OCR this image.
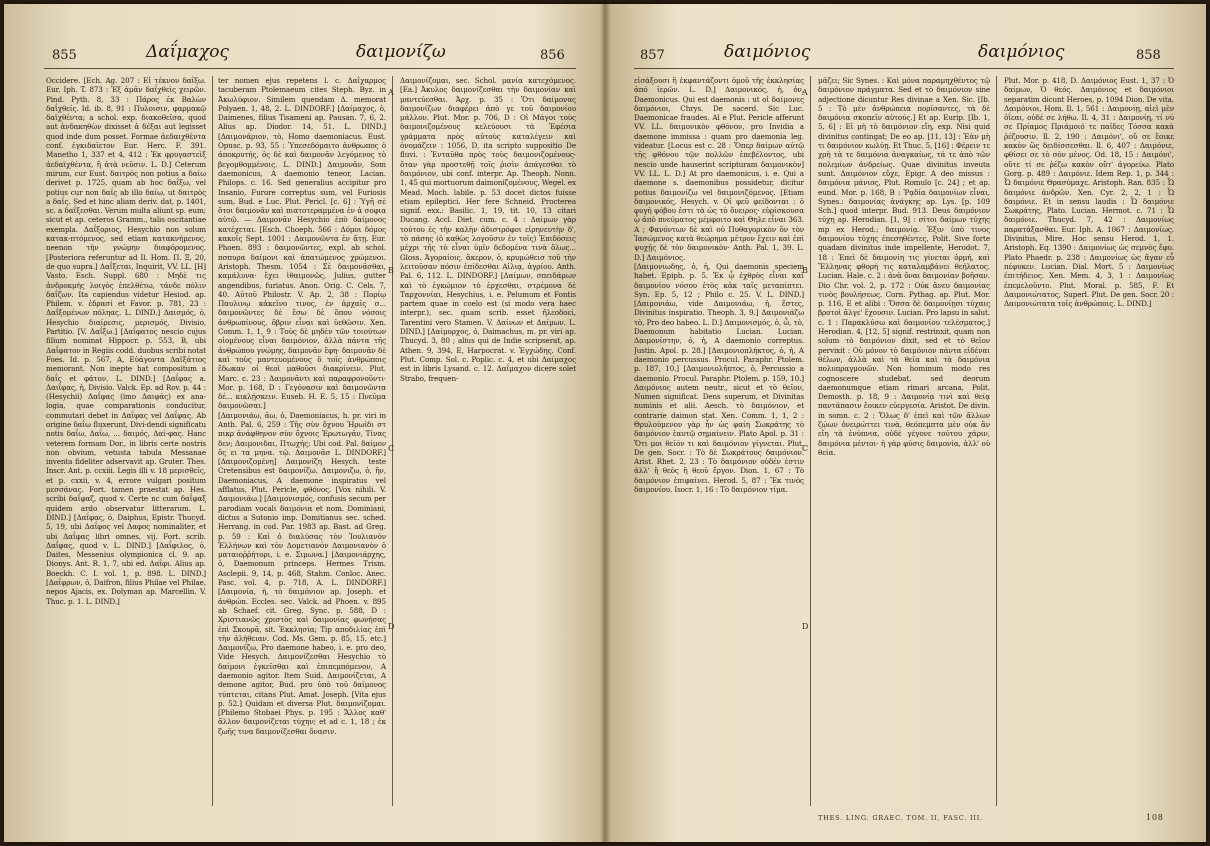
855	Δαΐμαχος	δαιμονίζω	856

Occidere. [Εсh. Ag. 207 : Εἰ τέκνον δαΐξω. Eur. Iph. T. 873 : Ἐξ ἁμᾶν δαΐχθεὶς χειρῶν. Pind. Pyth. 8, 33 : Πάρος ἐκ Βαλὼν δαΐχθείς. Id. ib. 8, 91 : Πυλοισιν, φαρμακῷ δαϊχθέντα; a schol. exp. διακοθεῖσα, quod aut ἀνδακηθὼν dixisset ἀ δέξαι aut legisset quod inde dum posset. Formae ἀεδαιχθέντα conf. ἐγκιδαῖετον Eur. Herc. F. 391. Manetho 1, 337 et 4, 412 : Ἐκ φρυγαστεὶξ ἀεδαϊχθέντα, ἢ ἀτὰ νεῦσιν. L. D.] Ceterum mirum, cur Eust. δαιτρὸς non potius a δαίω derivet p. 1725, quam ab hoc δαΐξω, vel potius cur non δαΐς ab illo δαίω, ut δαιτρὸς a δαΐς. Sed et hinc aliam deriv. dat, p. 1401, sc. a δαΐξεσθαι. Verum multa aliunt sp. eum; sicut et ap. ceteros Gramm., talis oscitantiae exempla. Δαΐξοριος, Hesychio non solum κατακ-πτόμενος, sed etiam κατακνήμενος, neenon τὴν γνώμην διαφόρομενος. [Posteriora referuntur ad Il. Hom. Π. Ξ, 20, de quo supra.] Δαΐξεται, Inquirit, VV. LL. [Η] Vasto. Esch. Suppl. 680 : Μηδὲ τις ἀνδροκμὴς λοιγὸς ἐπελθέτω, τάνδε πόλιν δαΐζων. Ita capiendus videtur Hesiod. ap. Philem. v. ἐδρασί et Favor. p. 781, 23 : Δαΐξομένων πόληας. L. DIND.] Δαισμός, ὁ, Hesychio διαίρεσις, μερισμός, Divisio, Partitio. [V. Δαΐξω.] [Δαΐφατος nescio cujus filium nominat Hippocr. p. 553, B, ubi Δαΐφατον in Regiis codd. duobus scribi notat Foes. Id. p. 567, A, Εὐάγοντα Δαϊξάτιος memorant. Non inepte hat compositum a δαΐς et φάτον. L. DIND.] [Δαΐφας a. Δαιΐφας, ἡ, Divisio. Valck. Ep. ad Rov. p. 44 : (Hesychii) Δαΐφας (imo Δαιφάς) ex ana-logia, quae comparationis conducitur, commutari debet in Δαΐφας vel Δαΐφας. Ab origine δαΐω fluxerunt, Divi-dendi significatu notis δαΐω, Δαΐω, ... δαιμός, Δαί-φας. Hanc veterem formam Dor., in libris certe nostris non obvium, vetusta tabula Messanae inventa fideliter adservavit ap. Gruter. Thes. Inscr. Ant. p. ccxiii. Legis illi v. 18 μερισθεῖς, et p. cxxii, v. 4, errore vulgari positum μεσσάνας. Fort. tamen praestat ap. Hes. scribi δαΐφαζ, quod v. Certe nc cum δαΐφαξ quidem ardo observatur litterarum. L. DIND.] [Δαΐφας, ὁ, Daiphus, Epistr. Thucyd. 5, 19, ubi Δαΐφος vel Δαφος nominaliter, et ubi Δαΐφας libri omnes, vij. Fort. scrib. Δαΐφας, quod v. L. DIND.] [Δαΐφιλος, ὁ, Daites, Messenius olympionica cl. 9. ap. Dionys. Ant. R. 1, 7, ubi ed. Δαΐφι. Alius ap. Boeckh. C. I. vol. 1, p. 898. L. DIND.] [Δαΐφρων, ὁ, Daifron, filius Philae vel Philae, nepos Ajacis, ex. Dolyman ap. Marcellin. V. Thuc. p. 1. L. DIND.]

ter nomen ejus repetens l. c. Δαΐχαρμος tacuberam Ptolemaeum cites Steph. Byz. in Ἀκωλύφιον. Similem quendam Δ. memorat Polyaen. 1, 48, 2. L. DINDORF.] [Δαίμαχος, ὁ, Daimenes, filius Tisameni ap. Pausan. 7, 6, 2. Alius ap. Diodor. 14, 51. L. DIND.] [Δαιμονάριον, τὸ, Homo daemoniacus. Eust. Opusc. p. 93, 55 : Ὑπεσεδόμαιτο ἀνθρωπος ὁ ἀποκρυτής, ὁς δὲ καὶ δαιμονᾶν λεγόμενος τὸ βεγομθομμένοις. L. DIND.] Δαιμονᾶν, Som daemonicus, A daemonio teneor, Lacian. Philops. c. 16. Sed generalius accipitur pro Insanio, Furore correptus sum, vel Furiosis sum, Bud. e Luc. Plut. Pericl. [c. 6] : Ὑγῆ σὲ ὅτοι δαιμονᾶν καὶ πιατοτεραμμένα ἐν ἀ σοφια αὐτῷ. — Δαιμονᾶν Hesychio ἐπὸ δαίμονος κατέχεται. [Esch. Choeph. 566 : Δόμοι δόμος κακοῖς Sept. 1001 : Δαιμονῶντα ἐν ἄτῃ. Eur. Phoen. 893 : δαιμονῶντες, expl. ab schol. πσπυρα δαίμονι καὶ ἀπατώμενος χρώμενοι. Aristoph. Thesm. 1054 : Σὲ δαιμονᾶσθαι, καμάλυνα· ἔχει ἰθαιμονῶς, Julius, gutter angendibus, furiatus. Anon. Orig. C. Cels. 7, 40. Αὐτοῦ Philostr. V. Ap. 2, 38 : Πορίῳ Παυλινῳ κἀκεῖνο τινος, ἐν ἀρχαῖς σ... δαιμονῶντες δὲ ἔσω δὲ ὅπου νόσοις ἀνθρωπίνους, ὄβριν εἶναι καὶ ὑεθῶσιν. Xen. Comm. 1, 1, 9 : Τοὺς δὲ μηδὲν τῶν τοιούτων οἰομένους εἶναι δαιμόνιον, ἀλλὰ πάντα τῆς ἀνθρώπου γνώμης, δαιμονᾶν ἔφη· δαιμονᾶν δὲ καὶ τοὺς μαντευομένους ὅ τοῖς ἀνθρώποις ἔδωκαν οἱ θεοὶ μαθοῦσι διακρίνειν. Plut. Marc. c. 23 : Δαιμονᾶντι καὶ παραφρονοῦντι· Mor. p. 168, D : Γεγόνασιν καὶ δαιμονῶντα δέ... κικλῄσκειν. Euseb. H. E. 5, 15 : Πνεῦμα δαιμονῶσαι.]

[Δαιμονιάω, ᾶω, ὁ, Daemoniacus, h. pr. viri in Anth. Pal. 6, 259 : Τῆς σὺν ὄχνου Ἡρωίδι στ πικρ ἀνάφθηνον σὺν ὄχνοις Ἐρωτωγᾶν, Τίνας δεν; Δαιμονιδαι, Πτωχής; Ubi cod. Pal. δαίμον ὅς ει τα μηνα. τῷ. Δαιμονᾶσ L. DINDORF.] [Δαιμονιζομένη] Δαιμονίζη Hesych. teste Cretensibus est δαιμονίζω. Δαιμονιζω, ὁ, ἥν, Daemoniacus, A daemone inspiratus vel afflatus, Plut. Pericle, φθόνος. [Vox nihili. V. Δαιμονιάω.] [Δαιμονισμός, confusis secum per parodiam vocalι δαιμόνια et nom. Dominiani, dictus a Sutonio imp. Domitianus sec. sched. Herrang. in cod. Par. 1983 ap. Bast. ad Greg. p. 59 : Καὶ ὁ διαλύσας τὸν Ἰουλιανὸν Ἑλλήνων καὶ τὸν Δομετιανόν Δαιμονιανὸν ὁ ματαιοῤῥήτορι, i. e. Σιμωνα.] [Δαιμονιάρχης, ὁ, Daemonum princeps. Hermes Trism. Asclepii. 9, 14, p. 468, Stahm. Conloc. Anec. Pasc. vol. 4, p. 718, A. L. DINDORF.] [Δαιμονία, ἡ, τὸ δαιμόνιον ap. Joseph. et ἀνθρώπ. Eccles. sec. Valck. ad Phoen. v. 895 ab Schaef. cit. Greg. Sync. p. 588, D : Χριστιανῶς χριστὸς καὶ δαιμονίας φωνήσας ἐπὶ Σκουρᾶ, sit. Ἐκκλησία; Tip αποδιλίας ἐπὶ τὴν ἀλήθειαν. Cod. Ms. Gem. p. 85, 15, etc.] Δαιμονίζω, Pro daemone habeo, i. e. pro deo, Vide Hesych. Δαιμονίζεσθαι Hesychio τὸ δαίμονι ἐγκεῖσθαι καὶ ἐπιπεμπόμενον, A daemonio agitor. Item Suid. Δαιμονίζεται, A demone agitor, Bud. pro ὑπὸ τοῦ δαίμονος τύπτεται, citans Plut. Amat. Joseph. [Vita ejus p. 52.] Quidam et diversa Plut. δαιμονίζομαι. [Philemo Stobaei Phys. p. 195 : Ἄλλος καθ' ἄλλον δαιμονίζεται τύχην; et ad c. 1, 18 ; ἐκ ζωῆς τινα δαιμονίζεσθαι ὄνασιν.

Δαιμονίζομαι, sec. Schol. μανία κατεχόμενος. [Ea.] Ἀκυλος δαιμονίζεσθαι τὴν δαιμονίαν καὶ μαντεύεσθαι. Ἀρχ. p. 35 : Ὅτι δαίμονας δαιμονίζων διαφέρει ἀπὸ γε τοῦ δαιμονίου μάλλον. Plut. Mor. p. 706, D : Οἱ Μάγοι τοὺς δαιμονιζομένους κελεύουσι τὰ Ἐφέσια γράμματα πρὸς αὑτοὺς καταλέγειν καὶ ὀνομάζειν : 1056, D, ita scripto suppositio De fluvi. : Ἐνταῦθα πρὸς τοὺς δαιμονιζομένους· ὅταν γὰρ προστεθῇ τοῖς ῥισὶν ἀπάγεσθαι τὸ δαιμόνιον, ubi conf. interpr. Ap. Theoph. Nonn. 1, 45 qui mortuorum daimoniζομένους, Wegel. ex Mead. Moch. labile. p. 53 docet dictos fuisse etiam epileptici. Her fere Schneid. Procterea signif. exx.: Basilic. 1, 19, tit. 10, 13 citari Ducang. Accl. Diet. cum. c. 4 : Δαίμων γὰρ τούτου ἐς τὴν καλὴν ἀδιστρόφοι εἰρηνευτὴν δ', τὸ πάσης (ὁ καθὼς λογοῦσιν ἐν τοῖς) Ἐπιδόσεις μέχρι τῆς τὸ εἶναι ὑμῖν δεδομένα τινὰ ὅλως... Gloss. Ἀγοραίοις. ἄκερον, ὁ, κρυμώθεισ τοῦ τὴν λειτοῦσαν πόσιν ἐπίδεσθαι Αἰλιᾳ, ἀγρίου. Anth. Pal. 6, 112. L. DINDORF.] [Δαίμων, σπειδάμων καὶ τὸ ἐγκώμιον τὸ ἐρχεσθαι, στρέμονα δὲ Ταρχοννίαι, Hesychius, i. e. Pelumum et Fontis partem quae in coelo est (si modo vera haec interpr.), sec. quam scrib. esset ἤλεοδοεί, Tarentini vero Stamen. V. Δαίνων et Δαίμων. L. DIND.] [Δαίμορχος, ὁ, Daimachus, m. pr. viri ap. Thucyd. 3, 80 ; alius qui de Indie scripserat, ap. Athen. 9, 394, E, Harpocrat. v. Ἐγχώδης. Conf. Plut. Comp. Sol. c. Poplic. c. 4, et ubi Δαίμαχος est in libris Lysand. c. 12. Δαΐμαχον dicere solet Strabo, frequen-

A
B
C
D
857	δαιμόνιος	δαιμόνιος	858

εἰσάξουσι ἢ ἐκφαντάζοντι ὁμοῦ τῆς ἐκκλησίας ἀπό ἱερῶν. L. D.] Δαιμονικός, ἡ, ὀν, Daemonicus. Qui est daemonis : ut οἱ δαίμονες δαιμόνιοι, Chrys. De sacerd. Sic Luc. Daemonicae fraudes. Al e Plut. Pericle afferunt VV. LL. δαιμονικὸν φθόνον, pro Invidia a daemone immissa : quam pro daemonia leg. videatur. [Locus est c. 28 : Ὅπερ δαίμων αὐτῷ τῆς φθόνου τῷν πολλῶν ἐπεβέλοντος, ubi nescio unde hauserint scripturam δαιμονικὸν] VV. LL. L. D.] At pro daemonicus, i. e. Qui a daemone s. daemonibus possidetur, dicitur potius δαιμονίζω vel δαιμονιζόμενος. [Etiam δαιμονικός, Hesych. v. Οἱ φεῦ φείδονται : ὁ φυγὴ φόβου ἐστι τὰ ὡς τὸ ὄνειρος· εὑρίσκουσα ᾧ ἀπὸ πνεύματος μέμφοιτο καὶ Θηλε εἶναι 363. A ; Φανόντων δὲ καὶ οὐ Πυθαγορικὸν ὅν τὸν Ἰασώμενος κατὰ θεώρημα μέτρον ἔχειν καὶ ἐπὶ ψυχῇς δὲ τὸν δαιμονικὸν· Anth. Pal. 1, 39. L. D.] Δαιμόνιος.

[Δαιμονιωδης, ὁ, ἡ, Qui daemonis speciem habet. Epiph. p. 5. Ἐκ ᾧ ἐχθρὸς εἶναι καὶ δαιμονίου νόσου ἐτὸς κἀκ ταῖς μεταπίπτει. Syn. Ep. 5, 12 ; Philo c. 25. V. L. DIND.] [Δαιμονιάω, vide Δαιμονιάω, ἡ, ἕστες, Divinitus inspiratio. Theoph. 3, 9.] Δαιμονιάζω τὸ, Pro deo habeo. L. D.] Δαιμονισμός, ὁ, ὦ, τὸ, Daemonum habitatio Lucian. Lucian. Δαιμονίστην, ὁ, ἡ, A daemonio correptus. Justin. Apol. p. 28.] [Δαιμονιοπλήκτος, ὁ, ἡ, A daemonio percussus. Procul. Paraphr. Ptolem. p. 187, 10.] [Δαιμονιολῆπτος, ὁ, Percussio a daemonio. Procul. Paraphr. Ptolem. p. 159, 10.] Δαιμόνιος autem neutr., sicut et τὸ θεῖον, Numen significat. Dens superum, et Divinitas numinis et alii. Aesch. τὸ δαιμόνιον, et contrarie daimon stat. Xen. Comm. 1, 1, 2 : Θρυλούμενον γὰρ ἦν ὡς φαίη Σωκράτης τὸ δαιμόνιον ἑαυτῷ σημαίνειν. Plato Apol. p. 31 : Ὅτι μοι θεῖόν τι καὶ δαιμόνιον γίγνεται. Plut. De gen. Socr. : Τὸ δὲ Σωκράτους δαιμόνιον. Arist. Rhet. 2, 23 : Τὸ δαιμόνιον οὐδέν ἐστιν ἀλλ' ἢ θεὸς ἢ θεοῦ ἔργον. Dion. 1, 67 : Τὸ δαιμόνιον ἐπιφαίνει. Herod. 5, 87 : Ἔκ τινὸς δαιμονίου. Isocr. 1, 16 : Τὸ δαιμόνιον τίμα.

μᾶζει; Sic Synes. : Καὶ μόνα παραμηχθέντος τῷ δαιμόνιον πράγματα. Sed et τὸ δαιμόνιον sine adjectione dicuntur Res divinae a Xen. Sic. [Ib. 5 : Τὸ μὲν ἀνθρώπεια πορίσαντες, τὰ δὲ δαιμόνια σκοπεῖν αὐτούς.] Et ap. Eurip. [Ib. 1, 5, 6] : Εἰ μὴ τὸ δαιμόνιον εἴη, exp. Nisi quid divinitus contingat; De eo ap. [11, 13] : Ἐὰν μὴ τι δαιμόνιον κωλύῃ. Et Thuc. 5, [16] : Φέρειν τε χρὴ τὰ τε δαιμόνια ἀναγκαίως, τά τε ἀπὸ τῶν πολεμίων ἀνδρείως. Quae divinitus inveuta sunt. Δαιμόνιον εὔχε, Epigr. A deo missus : δαιμόνια μάνιος, Plut. Romulo [c. 24] ; et ap. eund. Mor. p. 168, B : Ῥᾳδία δαιμονίων εἶναι, Synes.: δαιμονίας ἀνάγκης ap. Lys. [p. 109 Sch.] quod interpr. Bud. 913. Deus δαιμόνιον τύχη ap. Herodian. [1, 9] : σίτοι δαίμων τύχης mp ex Herod.: δαιμονίᾳ. Ἐξιν ὑπὸ τινος δαιμονίου τύχης ἐπεσηθέντες, Polit. Sive forte quadam divinitus inde impellente, Herodot. 7, 18 : Ἐπεὶ δὲ δαιμονίη τις γίνεται ὁρμή, καὶ Ἕλληνας φθορή τις καταλαμβάνει θεήλατος. Lucian. Hale. c. 2 : ἀνὰ ὄναι δαιμονίαν βοῆσαν. Dio Chr. vol. 2, p. 172 : Οὐκ ἄνευ δαιμονίας τινὸς βουλήσεως. Corn. Pythag. ap. Plut. Mor. p. 116, E et alibi : Ὅσσα δὲ δαιμονίῃσι τύχαις βροτοὶ ἄλγε' ἔχουσιν. Lucian. Pro lapsu in salut. c. 1 : Παρακλύσω καὶ δαιμονίου τελέσματος.] Herodian. 4, [12, 5] signif. restrinxit, quam non solum τὸ δαιμόνιον dixit, sed et τὸ θεῖον pervixit : Οὐ μόνον τὸ δαιμόνιον πάντα εἰδέναι θέλων, ἀλλὰ καὶ τὰ θεῖα καὶ τὰ δαιμόνια πολυπραγμονῶν. Non hominum modo res cognoscere studebat, sed deorum daemonumque etiam rimari arcana, Polit. Demosth. p. 18, 9 : Δαιμονίᾳ τινὶ καὶ θείᾳ παντάπασιν ἔοικεν εὐεργεσία. Aristot. De divin. in somn. c. 2 : Ὅλως δ' ἐπεὶ καὶ τῶν ἄλλων ζῴων ὀνειρώττει τινὰ, θεόπεμπτα μὲν οὐκ ἂν εἴη τὰ ἐνύπνια, οὐδὲ γέγονε τούτου χάριν, δαιμόνια μέντοι· ἡ γὰρ φύσις δαιμονία, ἀλλ' οὐ θεία.

Plut. Mor. p. 418, D. Δαιμόνιος Eust. 1, 37 : Ὁ δαίμων, Ὁ θεός. Δαιμόνιος et δαιμόνιοι separatim dicunt Heroes, p. 1094 Dion. De vita. Δαιμόνιοι, Hom. Il. 1, 561 : Δαιμονίῃ, αἰεὶ μὲν ὀΐεαι, οὐδέ σε λήθω. Il. 4, 31 : Δαιμονίῃ, τί νύ σε Πρίαμος Πριάμοιό τε παῖδες Τόσσα κακὰ ῥέζουσιν. Il. 2, 190 : Δαιμόνι', οὔ σε ἔοικε κακὸν ὣς δειδίσσεσθαι. Il. 6, 407 : Δαιμόνιε, φθίσει σε τὸ σὸν μένος. Od. 18, 15 : Δαιμόνι', οὔτε τί σε ῥέζω κακὸν οὔτ' ἀγορεύω. Plato Gorg. p. 489 : Δαιμόνιε. Idem Rep. 1, p. 344 : Ὦ δαιμόνιε Θρασύμαχε. Aristoph. Ran. 835 : Ὦ δαιμόνιε ἀνδρῶν. Xen. Cyr. 2, 2, 1 : Ὦ δαιμόνιε. Et in sensu laudis : Ὦ δαιμόνιε Σωκράτης, Plato. Lucian. Hermot. c. 71 : Ὦ δαιμόνιε. Thucyd. 7, 42 : Δαιμονίως παρατάξασθαι. Eur. Iph. A. 1067 : Δαιμονίως. Divinitus, Mire. Hoc sensu Herod. 1, 1. Aristoph. Eq. 1390 : Δαιμονίως ὡς σεμνὸς ἔφυ. Plato Phaedr. p. 238 : Δαιμονίως ὡς ἄγαν εὖ πέφυκεν. Lucian. Dial. Mort. 5 : Δαιμονίως ἐπιτήδειος. Xen. Mem. 4, 3, 1 : Δαιμονίως ἐπεμελοῦντο. Plut. Moral. p. 585, F. Et Δαιμονιώτατος, Superl. Plut. De gen. Socr. 20 : Δαιμονιώτατα τοῖς ἀνθρώποις. L. DIND.]

A
B
C
D
THES. LING. GRAEC. TOM. II, FASC. III.	108
